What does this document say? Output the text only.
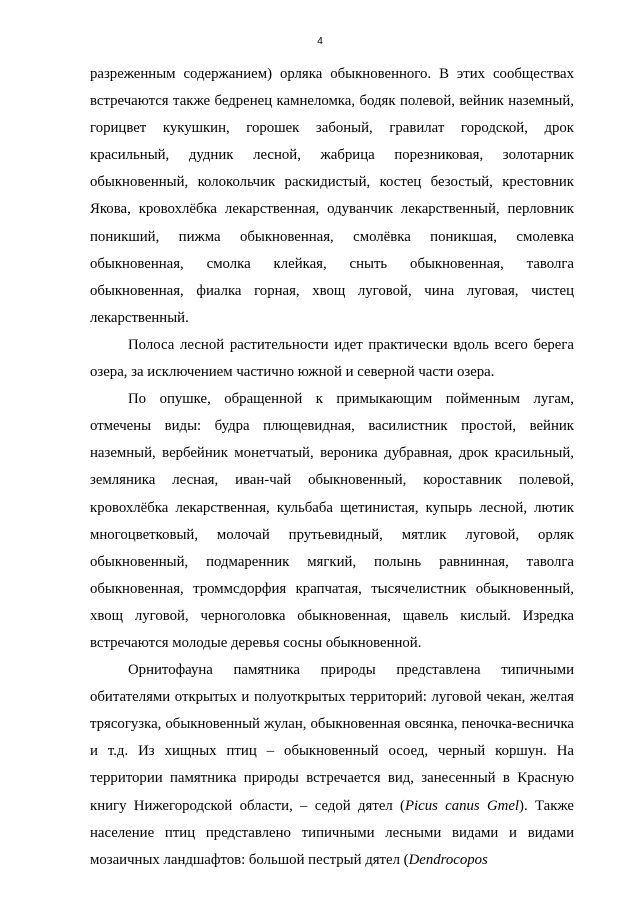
4

разреженным содержанием) орляка обыкновенного. В этих сообществах встречаются также бедренец камнеломка, бодяк полевой, вейник наземный, горицвет кукушкин, горошек забоный, гравилат городской, дрок красильный, дудник лесной, жабрица порезниковая, золотарник обыкновенный, колокольчик раскидистый, костец безостый, крестовник Якова, кровохлёбка лекарственная, одуванчик лекарственный, перловник поникший, пижма обыкновенная, смолёвка поникшая, смолевка обыкновенная, смолка клейкая, сныть обыкновенная, таволга обыкновенная, фиалка горная, хвощ луговой, чина луговая, чистец лекарственный.

Полоса лесной растительности идет практически вдоль всего берега озера, за исключением частично южной и северной части озера.

По опушке, обращенной к примыкающим пойменным лугам, отмечены виды: будра плющевидная, василистник простой, вейник наземный, вербейник монетчатый, вероника дубравная, дрок красильный, земляника лесная, иван-чай обыкновенный, короставник полевой, кровохлёбка лекарственная, кульбаба щетинистая, купырь лесной, лютик многоцветковый, молочай прутьевидный, мятлик луговой, орляк обыкновенный, подмаренник мягкий, полынь равнинная, таволга обыкновенная, троммсдорфия крапчатая, тысячелистник обыкновенный, хвощ луговой, черноголовка обыкновенная, щавель кислый. Изредка встречаются молодые деревья сосны обыкновенной.

Орнитофауна памятника природы представлена типичными обитателями открытых и полуоткрытых территорий: луговой чекан, желтая трясогузка, обыкновенный жулан, обыкновенная овсянка, пеночка-весничка и т.д. Из хищных птиц – обыкновенный осоед, черный коршун. На территории памятника природы встречается вид, занесенный в Красную книгу Нижегородской области, – седой дятел (Picus canus Gmel). Также население птиц представлено типичными лесными видами и видами мозаичных ландшафтов: большой пестрый дятел (Dendrocopos
